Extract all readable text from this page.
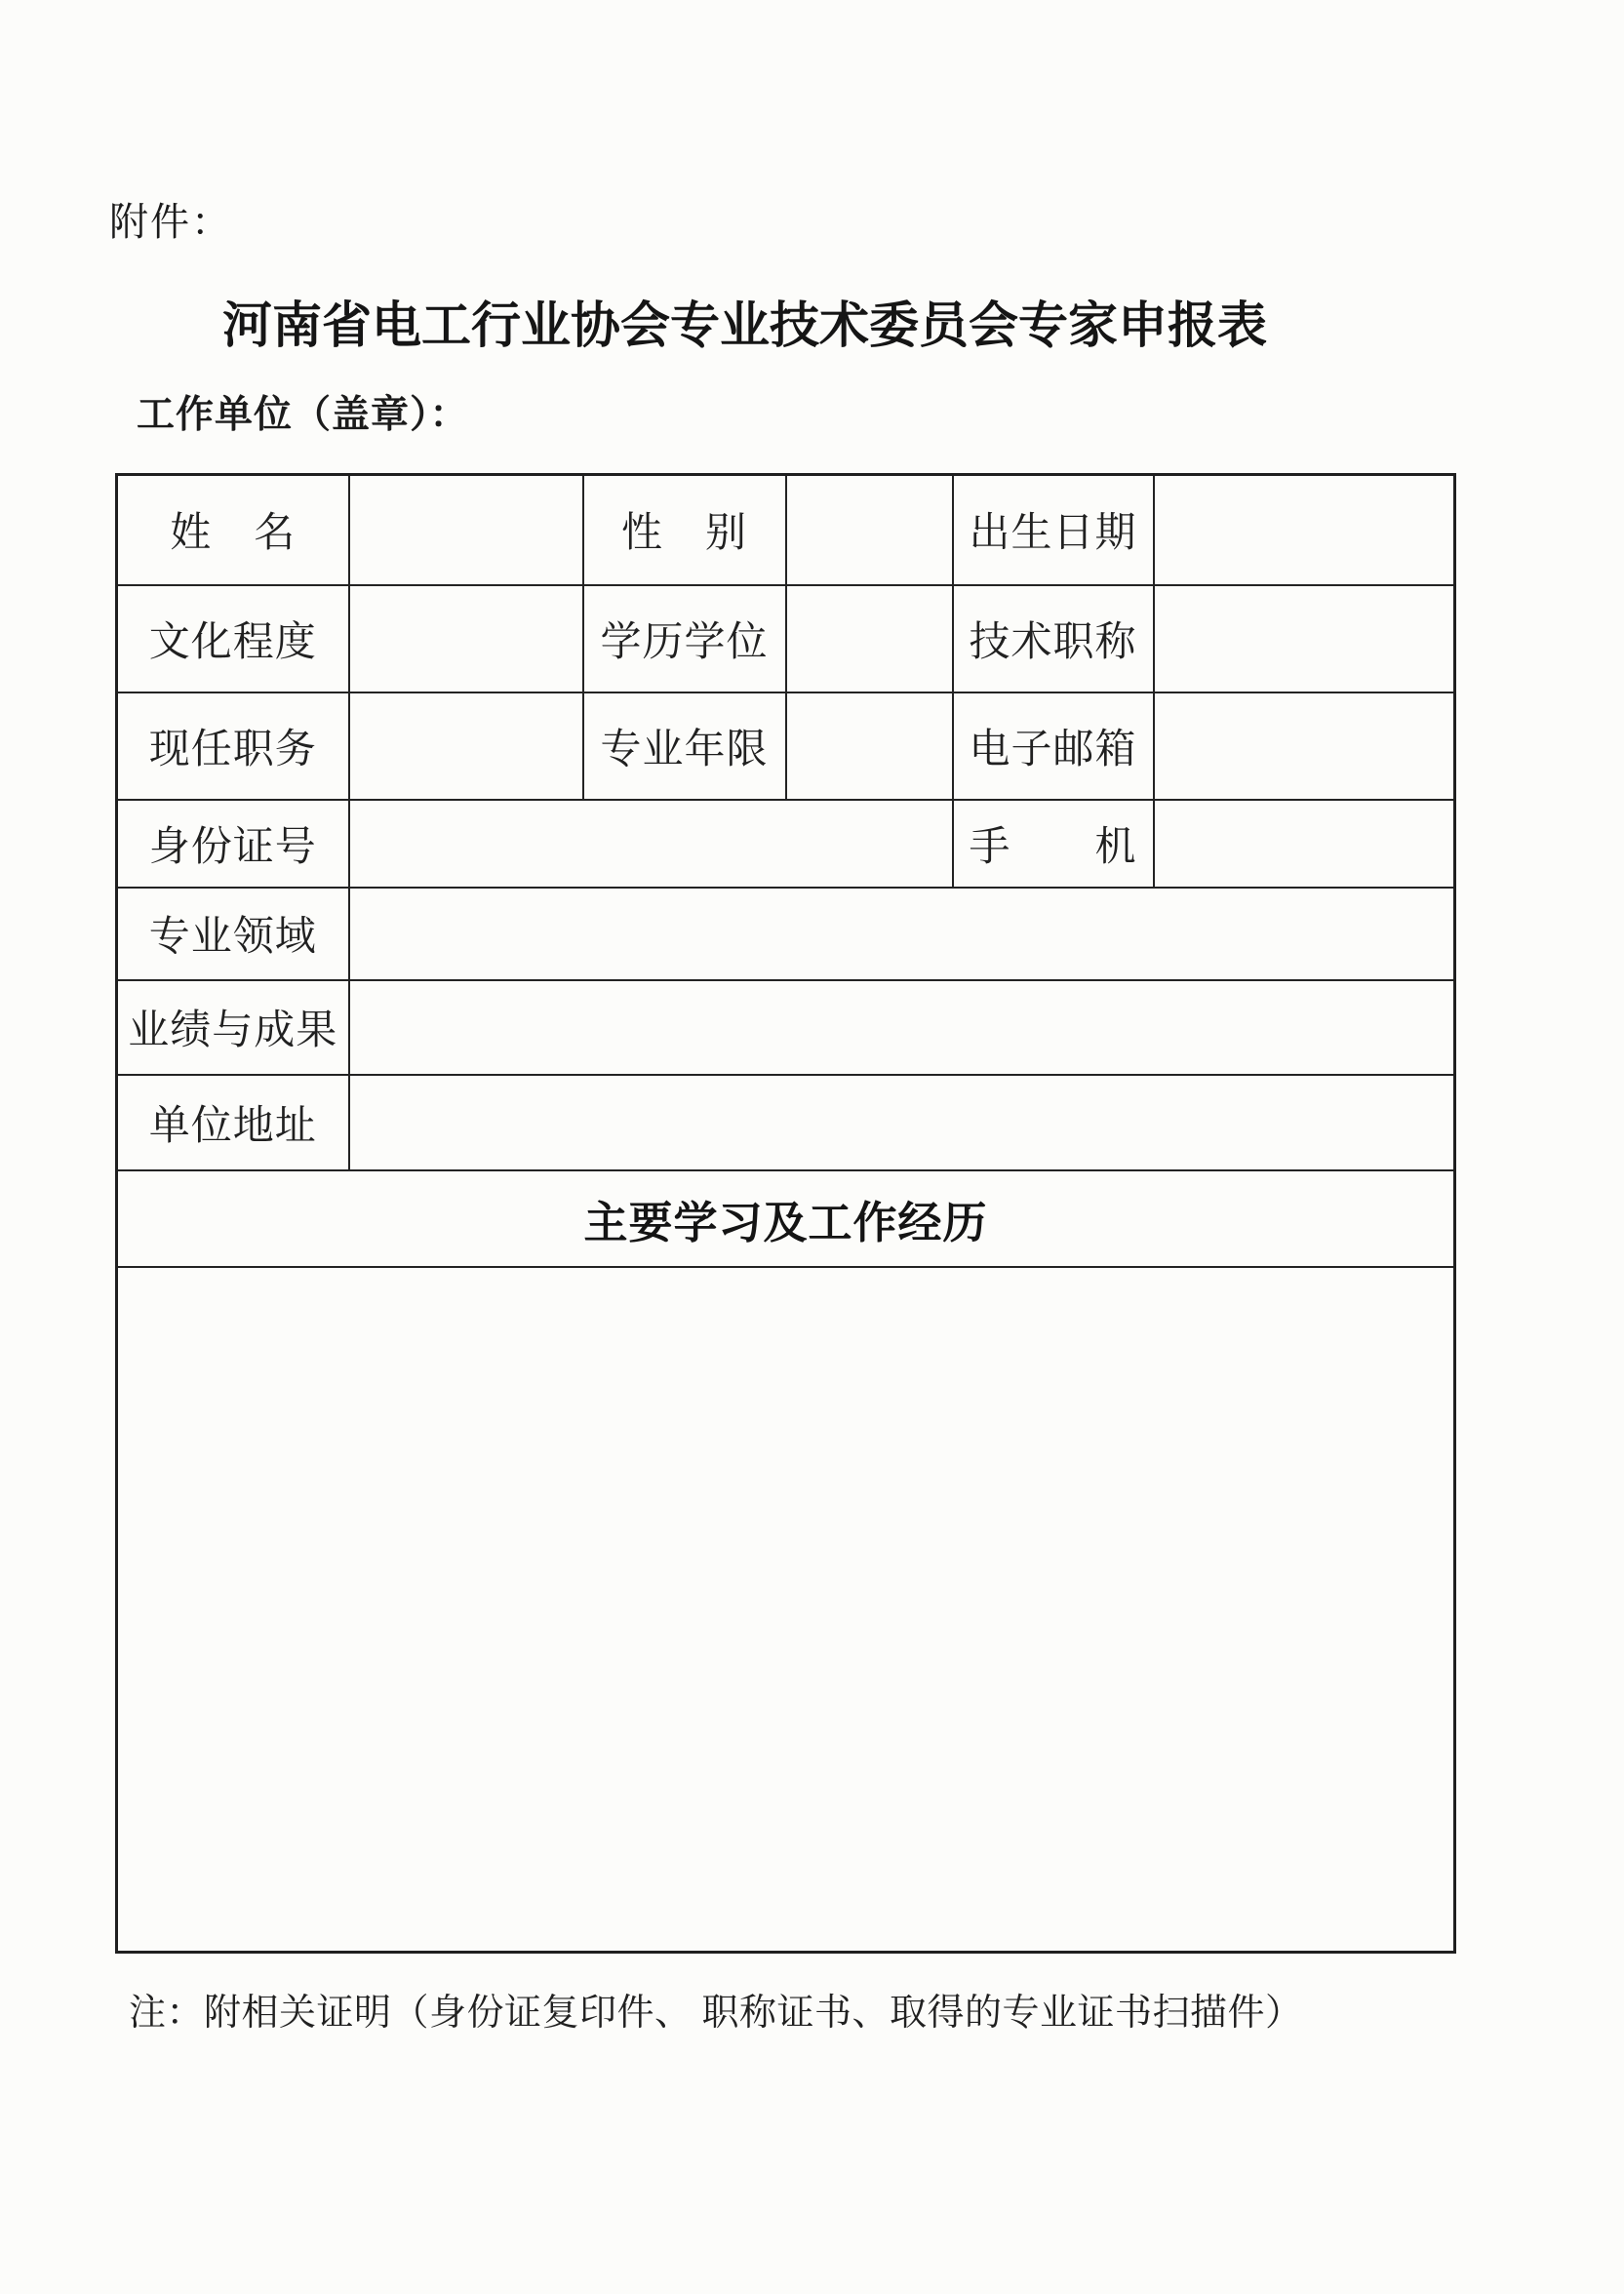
附件：
河南省电工行业协会专业技术委员会专家申报表
工作单位（盖章）：
姓　名		性　别		出生日期	
文化程度		学历学位		技术职称	
现任职务		专业年限		电子邮箱	
身份证号				手　　机	
专业领域					
业绩与成果					
单位地址					
主要学习及工作经历					

注：附相关证明（身份证复印件、 职称证书、取得的专业证书扫描件）
